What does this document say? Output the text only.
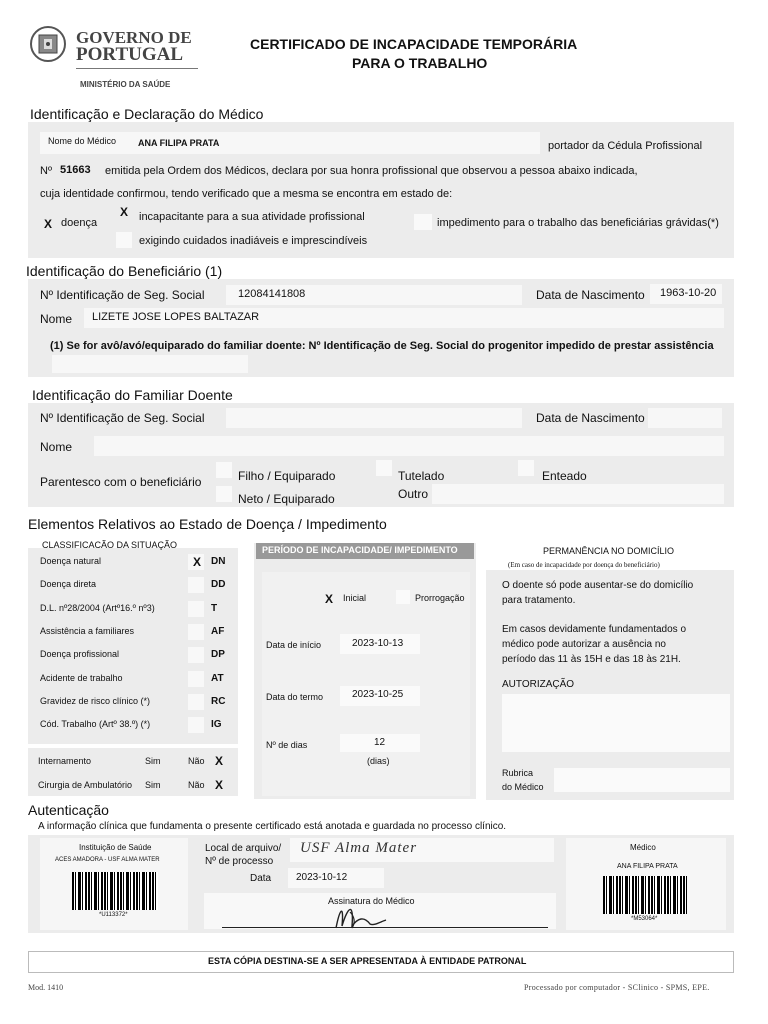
GOVERNO DE
PORTUGAL
MINISTÉRIO DA SAÚDE
CERTIFICADO DE INCAPACIDADE TEMPORÁRIA
PARA O TRABALHO
Identificação e Declaração do Médico
Nome do Médico ANA FILIPA PRATA	portador da Cédula Profissional
Nº 51663 emitida pela Ordem dos Médicos, declara por sua honra profissional que observou a pessoa abaixo indicada,
cuja identidade confirmou, tendo verificado que a mesma se encontra em estado de:
X doença
X incapacitante para a sua atividade profissional
exigindo cuidados inadiáveis e imprescindíveis
impedimento para o trabalho das beneficiárias grávidas(*)
Identificação do Beneficiário (1)
Nº Identificação de Seg. Social	12084141808	Data de Nascimento 1963-10-20
Nome LIZETE JOSE LOPES BALTAZAR
(1) Se for avô/avó/equiparado do familiar doente: Nº Identificação de Seg. Social do progenitor impedido de prestar assistência
Identificação do Familiar Doente
Nº Identificação de Seg. Social	Data de Nascimento
Nome
Parentesco com o beneficiário	Filho / Equiparado	Tutelado	Enteado
Neto / Equiparado	Outro
Elementos Relativos ao Estado de Doença / Impedimento
CLASSIFICACÃO DA SITUAÇÃO
Doença natural	X DN
Doença direta	DD
D.L. nº28/2004 (Artº16.º nº3)	T
Assistência a familiares	AF
Doença profissional	DP
Acidente de trabalho	AT
Gravidez de risco clínico (*)	RC
Cód. Trabalho (Artº 38.º) (*)	IG
Internamento	Sim	Não X
Cirurgia de Ambulatório Sim	Não X
PERÍODO DE INCAPACIDADE/ IMPEDIMENTO
X Inicial	Prorrogação
Data de início	2023-10-13
Data do termo	2023-10-25
Nº de dias	12
(dias)
PERMANÊNCIA NO DOMICÍLIO
(Em caso de incapacidade por doença do beneficiário)
O doente só pode ausentar-se do domicílio
para tratamento.
Em casos devidamente fundamentados o
médico pode autorizar a ausência no
período das 11 às 15H e das 18 às 21H.
AUTORIZAÇÃO
Rubrica
do Médico
Autenticação
A informação clínica que fundamenta o presente certificado está anotada e guardada no processo clínico.
Instituição de Saúde
ACES AMADORA - USF ALMA MATER
*U113372*
Local de arquivo/
Nº de processo
USF Alma Mater
Data 2023-10-12
Assinatura do Médico
Médico
ANA FILIPA PRATA
*M53064*
ESTA CÓPIA DESTINA-SE A SER APRESENTADA À ENTIDADE PATRONAL
Mod. 1410	Processado por computador - SClinico - SPMS, EPE.
